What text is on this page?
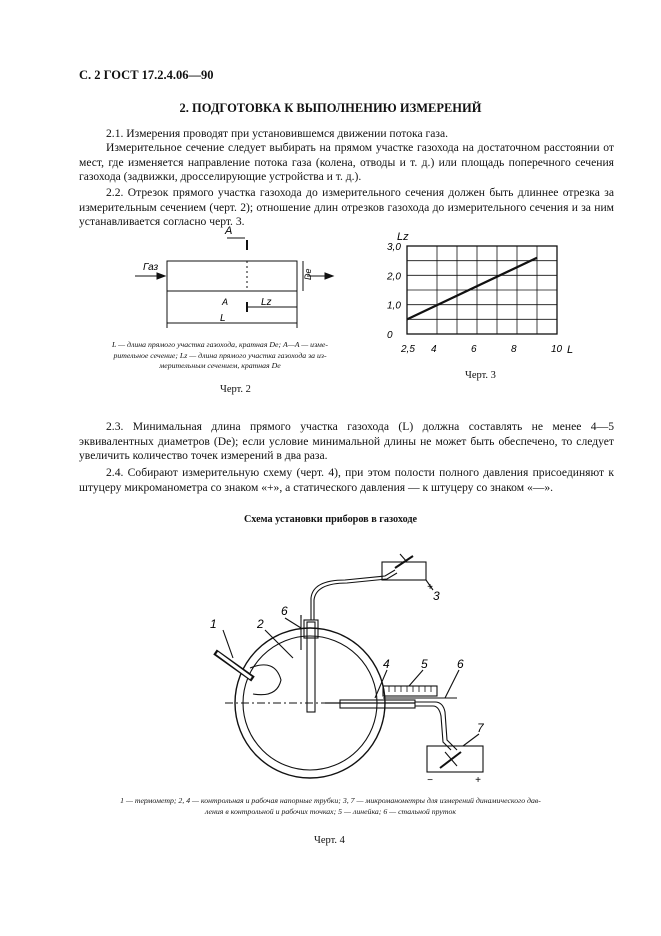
С. 2 ГОСТ 17.2.4.06—90
2. ПОДГОТОВКА К ВЫПОЛНЕНИЮ ИЗМЕРЕНИЙ
2.1. Измерения проводят при установившемся движении потока газа.
Измерительное сечение следует выбирать на прямом участке газохода на достаточном расстоянии от мест, где изменяется направление потока газа (колена, отводы и т. д.) или площадь поперечного сечения газохода (задвижки, дросселирующие устройства и т. д.).
2.2. Отрезок прямого участка газохода до измерительного сечения должен быть длиннее отрезка за измерительным сечением (черт. 2); отношение длин отрезков газохода до измерительного сечения и за ним устанавливается согласно черт. 3.
Газ
A
A	Lz
L
Dе
L — длина прямого участка газохода, кратная Dе; A—A — изме-
рительное сечение; Lz — длина прямого участка газохода за из-
мерительным сечением, кратная Dе
Черт. 2
Lz
0
1,0
2,0
3,0
2,5 4	6	8	10 L
Черт. 3
2.3. Минимальная длина прямого участка газохода (L) должна составлять не менее 4—5 эквивалентных диаметров (Dе); если условие минимальной длины не может быть обеспечено, то следует увеличить количество точек измерений в два раза.
2.4. Собирают измерительную схему (черт. 4), при этом полости полного давления присоединяют к штуцеру микроманометра со знаком «+», а статического давления — к штуцеру со знаком «—».
Схема установки приборов в газоходе
1	2
6
3
4	5 6
7
+
+
−
1 — термометр; 2, 4 — контрольная и рабочая напорные трубки; 3, 7 — микроманометры для измерений динамического дав-
ления в контрольной и рабочих точках; 5 — линейка; 6 — стальной пруток
Черт. 4
